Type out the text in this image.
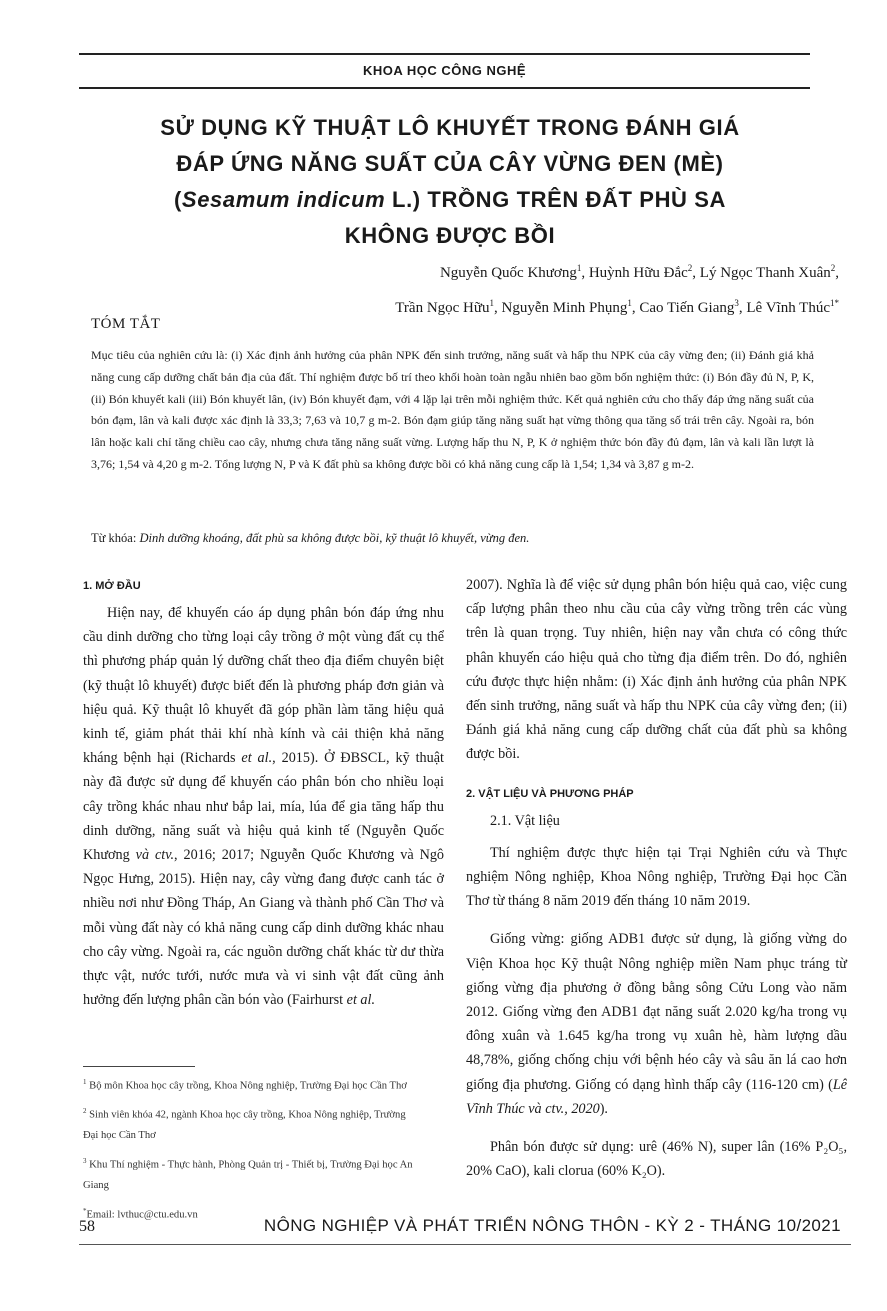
KHOA HỌC CÔNG NGHỆ
SỬ DỤNG KỸ THUẬT LÔ KHUYẾT TRONG ĐÁNH GIÁ
ĐÁP ỨNG NĂNG SUẤT CỦA CÂY VỪNG ĐEN (MÈ)
(Sesamum indicum L.) TRỒNG TRÊN ĐẤT PHÙ SA
KHÔNG ĐƯỢC BỒI
Nguyễn Quốc Khương$^1$, Huỳnh Hữu Đắc$^2$, Lý Ngọc Thanh Xuân$^2$,
Trần Ngọc Hữu$^1$, Nguyễn Minh Phụng$^1$, Cao Tiến Giang$^3$, Lê Vĩnh Thúc$^{1*}$
TÓM TẮT
Mục tiêu của nghiên cứu là: (i) Xác định ảnh hưởng của phân NPK đến sinh trưởng, năng suất và hấp thu NPK của cây vừng đen; (ii) Đánh giá khả năng cung cấp dưỡng chất bản địa của đất. Thí nghiệm được bố trí theo khối hoàn toàn ngẫu nhiên bao gồm bốn nghiệm thức: (i) Bón đầy đủ N, P, K, (ii) Bón khuyết kali (iii) Bón khuyết lân, (iv) Bón khuyết đạm, với 4 lặp lại trên mỗi nghiệm thức. Kết quả nghiên cứu cho thấy đáp ứng năng suất của bón đạm, lân và kali được xác định là 33,3; 7,63 và 10,7 g m-2. Bón đạm giúp tăng năng suất hạt vừng thông qua tăng số trái trên cây. Ngoài ra, bón lân hoặc kali chỉ tăng chiều cao cây, nhưng chưa tăng năng suất vừng. Lượng hấp thu N, P, K ở nghiệm thức bón đầy đủ đạm, lân và kali lần lượt là 3,76; 1,54 và 4,20 g m-2. Tổng lượng N, P và K đất phù sa không được bồi có khả năng cung cấp là 1,54; 1,34 và 3,87 g m-2.
Từ khóa: Dinh dưỡng khoáng, đất phù sa không được bồi, kỹ thuật lô khuyết, vừng đen.

1. MỞ ĐẦU

Hiện nay, để khuyến cáo áp dụng phân bón đáp ứng nhu cầu dinh dưỡng cho từng loại cây trồng ở một vùng đất cụ thể thì phương pháp quản lý dưỡng chất theo địa điểm chuyên biệt (kỹ thuật lô khuyết) được biết đến là phương pháp đơn giản và hiệu quả. Kỹ thuật lô khuyết đã góp phần làm tăng hiệu quả kinh tế, giảm phát thải khí nhà kính và cải thiện khả năng kháng bệnh hại (Richards et al., 2015). Ở ĐBSCL, kỹ thuật này đã được sử dụng để khuyến cáo phân bón cho nhiều loại cây trồng khác nhau như bắp lai, mía, lúa để gia tăng hấp thu dinh dưỡng, năng suất và hiệu quả kinh tế (Nguyễn Quốc Khương và ctv., 2016; 2017; Nguyễn Quốc Khương và Ngô Ngọc Hưng, 2015). Hiện nay, cây vừng đang được canh tác ở nhiều nơi như Đồng Tháp, An Giang và thành phố Cần Thơ và mỗi vùng đất này có khả năng cung cấp dinh dưỡng khác nhau cho cây vừng. Ngoài ra, các nguồn dưỡng chất khác từ dư thừa thực vật, nước tưới, nước mưa và vi sinh vật đất cũng ảnh hưởng đến lượng phân cần bón vào (Fairhurst et al.

$^1$ Bộ môn Khoa học cây trồng, Khoa Nông nghiệp, Trường Đại học Cần Thơ

$^2$ Sinh viên khóa 42, ngành Khoa học cây trồng, Khoa Nông nghiệp, Trường Đại học Cần Thơ

$^3$ Khu Thí nghiệm - Thực hành, Phòng Quản trị - Thiết bị, Trường Đại học An Giang

*Email: lvthuc@ctu.edu.vn

2007). Nghĩa là để việc sử dụng phân bón hiệu quả cao, việc cung cấp lượng phân theo nhu cầu của cây vừng trồng trên các vùng trên là quan trọng. Tuy nhiên, hiện nay vẫn chưa có công thức phân khuyến cáo hiệu quả cho từng địa điểm trên. Do đó, nghiên cứu được thực hiện nhằm: (i) Xác định ảnh hưởng của phân NPK đến sinh trưởng, năng suất và hấp thu NPK của cây vừng đen; (ii) Đánh giá khả năng cung cấp dưỡng chất của đất phù sa không được bồi.

2. VẬT LIỆU VÀ PHƯƠNG PHÁP

2.1. Vật liệu

Thí nghiệm được thực hiện tại Trại Nghiên cứu và Thực nghiệm Nông nghiệp, Khoa Nông nghiệp, Trường Đại học Cần Thơ từ tháng 8 năm 2019 đến tháng 10 năm 2019.

Giống vừng: giống ADB1 được sử dụng, là giống vừng do Viện Khoa học Kỹ thuật Nông nghiệp miền Nam phục tráng từ giống vừng địa phương ở đồng bằng sông Cửu Long vào năm 2012. Giống vừng đen ADB1 đạt năng suất 2.020 kg/ha trong vụ đông xuân và 1.645 kg/ha trong vụ xuân hè, hàm lượng dầu 48,78%, giống chống chịu với bệnh héo cây và sâu ăn lá cao hơn giống địa phương. Giống có dạng hình thấp cây (116-120 cm) (Lê Vĩnh Thúc và ctv., 2020).

Phân bón được sử dụng: urê (46% N), super lân (16% P₂O₅, 20% CaO), kali clorua (60% K₂O).

58	NÔNG NGHIỆP VÀ PHÁT TRIỂN NÔNG THÔN - KỲ 2 - THÁNG 10/2021
